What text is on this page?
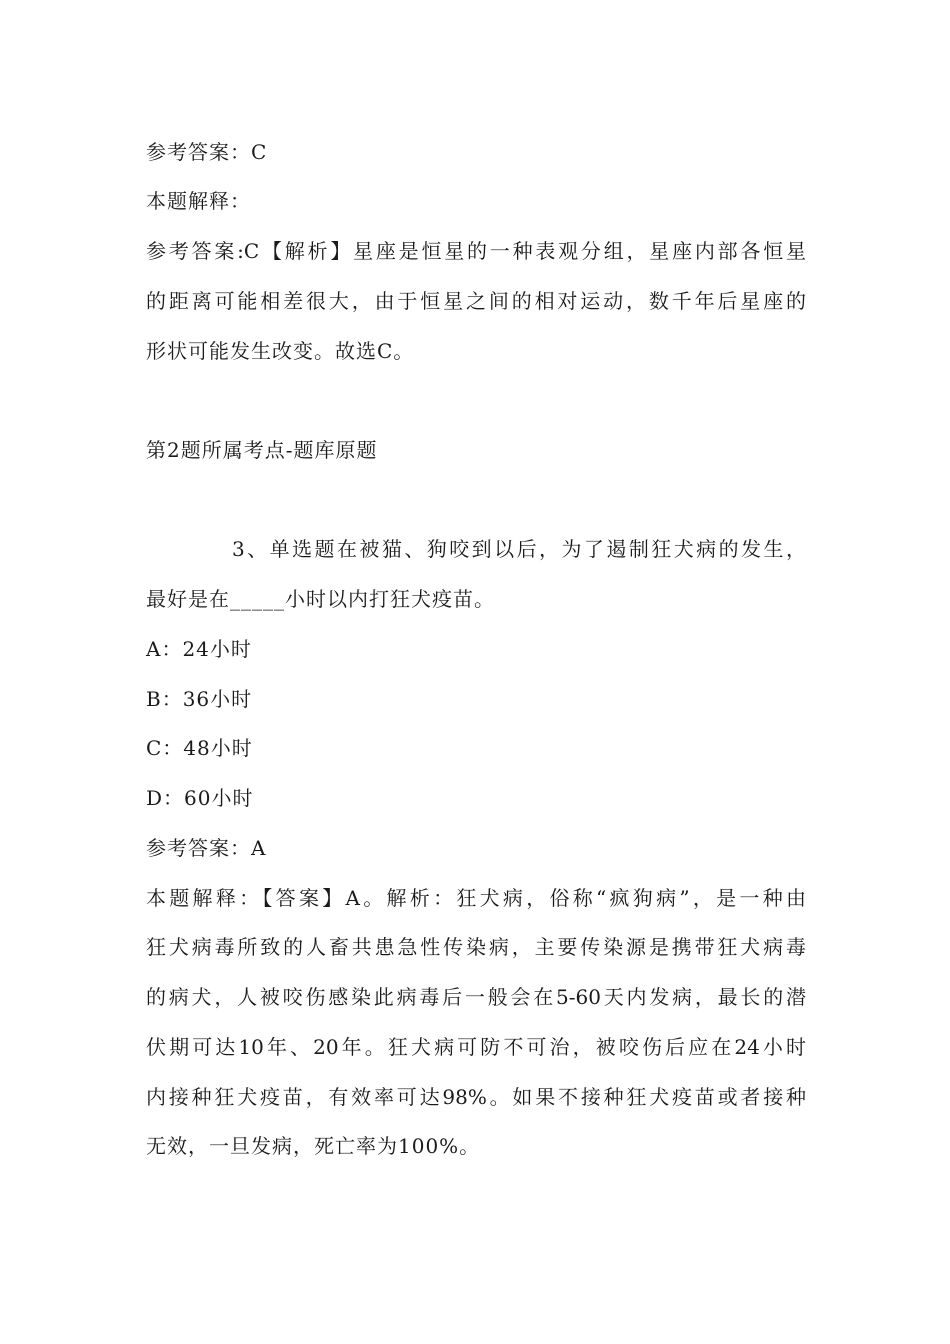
参考答案：C
本题解释：
参考答案:C【解析】星座是恒星的一种表观分组，星座内部各恒星
的距离可能相差很大，由于恒星之间的相对运动，数千年后星座的
形状可能发生改变。故选C。
第2题所属考点-题库原题
3、单选题在被猫、狗咬到以后，为了遏制狂犬病的发生，
最好是在_____小时以内打狂犬疫苗。
A：24小时
B：36小时
C：48小时
D：60小时
参考答案：A
本题解释：【答案】A。解析：狂犬病，俗称“疯狗病”，是一种由
狂犬病毒所致的人畜共患急性传染病，主要传染源是携带狂犬病毒
的病犬，人被咬伤感染此病毒后一般会在5-60天内发病，最长的潜
伏期可达10年、20年。狂犬病可防不可治，被咬伤后应在24小时
内接种狂犬疫苗，有效率可达98%。如果不接种狂犬疫苗或者接种
无效，一旦发病，死亡率为100%。
